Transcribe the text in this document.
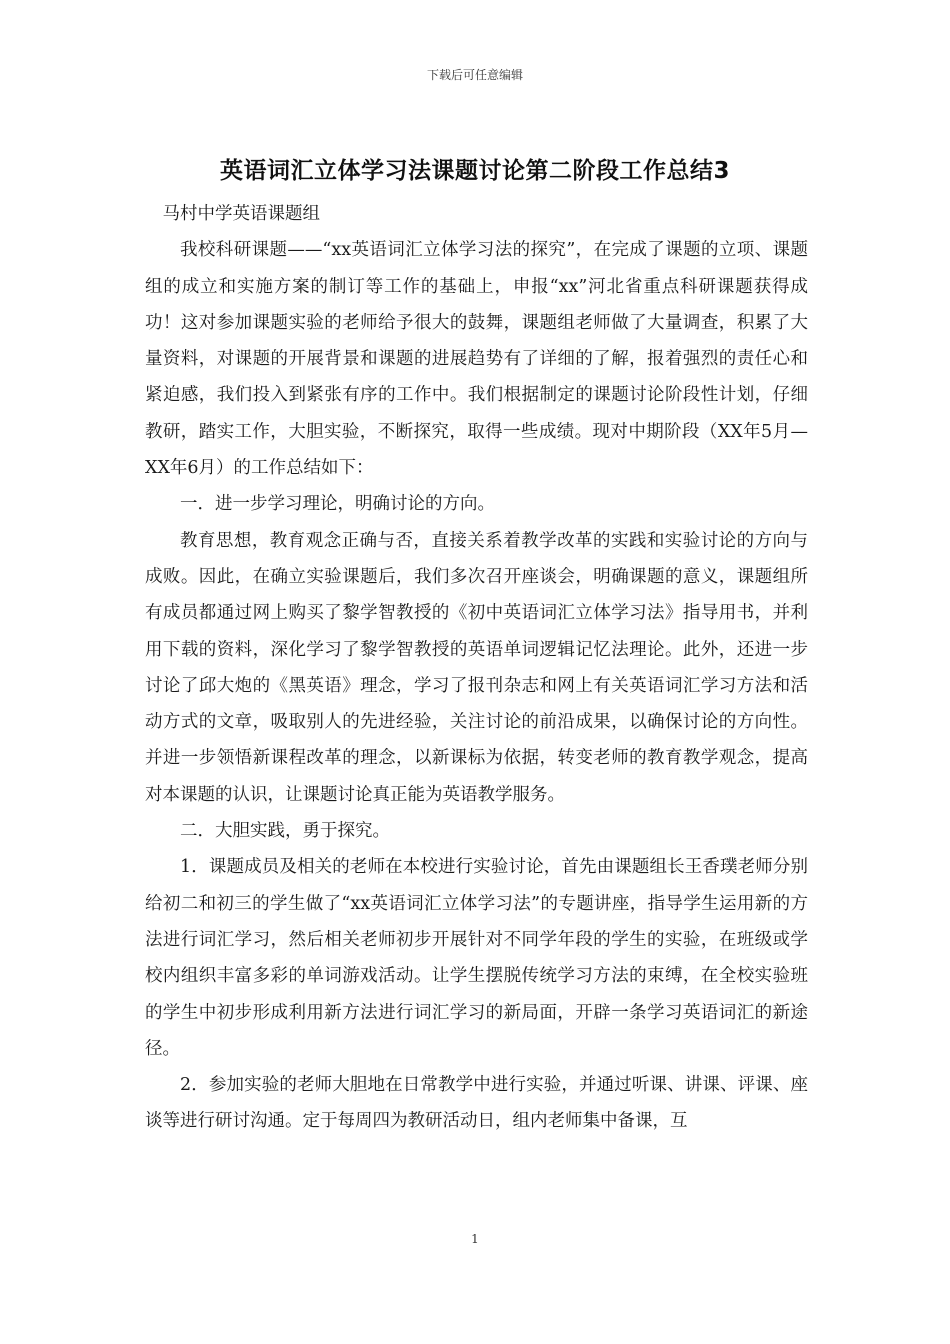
下载后可任意编辑
英语词汇立体学习法课题讨论第二阶段工作总结3

马村中学英语课题组

我校科研课题——“xx英语词汇立体学习法的探究”，在完成了课题的立项、课题组的成立和实施方案的制订等工作的基础上，申报“xx”河北省重点科研课题获得成功！这对参加课题实验的老师给予很大的鼓舞，课题组老师做了大量调查，积累了大量资料，对课题的开展背景和课题的进展趋势有了详细的了解，报着强烈的责任心和紧迫感，我们投入到紧张有序的工作中。我们根据制定的课题讨论阶段性计划，仔细教研，踏实工作，大胆实验，不断探究，取得一些成绩。现对中期阶段（XX年5月—XX年6月）的工作总结如下：

一．进一步学习理论，明确讨论的方向。

教育思想，教育观念正确与否，直接关系着教学改革的实践和实验讨论的方向与成败。因此，在确立实验课题后，我们多次召开座谈会，明确课题的意义，课题组所有成员都通过网上购买了黎学智教授的《初中英语词汇立体学习法》指导用书，并利用下载的资料，深化学习了黎学智教授的英语单词逻辑记忆法理论。此外，还进一步讨论了邱大炮的《黑英语》理念，学习了报刊杂志和网上有关英语词汇学习方法和活动方式的文章，吸取别人的先进经验，关注讨论的前沿成果，以确保讨论的方向性。并进一步领悟新课程改革的理念，以新课标为依据，转变老师的教育教学观念，提高对本课题的认识，让课题讨论真正能为英语教学服务。

二．大胆实践，勇于探究。

1．课题成员及相关的老师在本校进行实验讨论，首先由课题组长王香璞老师分别给初二和初三的学生做了“xx英语词汇立体学习法”的专题讲座，指导学生运用新的方法进行词汇学习，然后相关老师初步开展针对不同学年段的学生的实验，在班级或学校内组织丰富多彩的单词游戏活动。让学生摆脱传统学习方法的束缚，在全校实验班的学生中初步形成利用新方法进行词汇学习的新局面，开辟一条学习英语词汇的新途径。

2．参加实验的老师大胆地在日常教学中进行实验，并通过听课、讲课、评课、座谈等进行研讨沟通。定于每周四为教研活动日，组内老师集中备课，互

1
